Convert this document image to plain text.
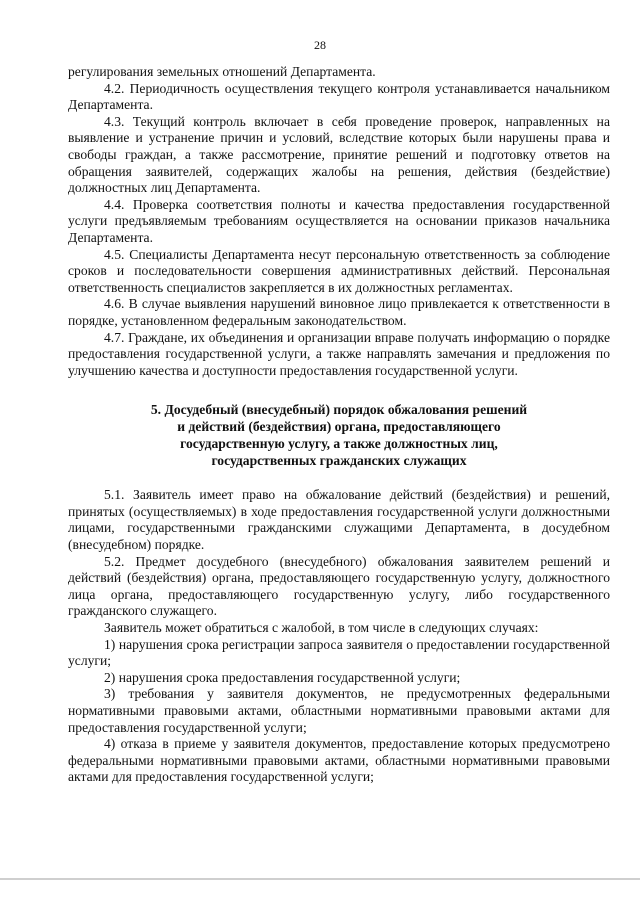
28

регулирования земельных отношений Департамента.

4.2. Периодичность осуществления текущего контроля устанавливается начальником Департамента.

4.3. Текущий контроль включает в себя проведение проверок, направленных на выявление и устранение причин и условий, вследствие которых были нарушены права и свободы граждан, а также рассмотрение, принятие решений и подготовку ответов на обращения заявителей, содержащих жалобы на решения, действия (бездействие) должностных лиц Департамента.

4.4. Проверка соответствия полноты и качества предоставления государственной услуги предъявляемым требованиям осуществляется на основании приказов начальника Департамента.

4.5. Специалисты Департамента несут персональную ответственность за соблюдение сроков и последовательности совершения административных действий. Персональная ответственность специалистов закрепляется в их должностных регламентах.

4.6. В случае выявления нарушений виновное лицо привлекается к ответственности в порядке, установленном федеральным законодательством.

4.7. Граждане, их объединения и организации вправе получать информацию о порядке предоставления государственной услуги, а также направлять замечания и предложения по улучшению качества и доступности предоставления государственной услуги.

5. Досудебный (внесудебный) порядок обжалования решений
и действий (бездействия) органа, предоставляющего
государственную услугу, а также должностных лиц,
государственных гражданских служащих

5.1. Заявитель имеет право на обжалование действий (бездействия) и решений, принятых (осуществляемых) в ходе предоставления государственной услуги должностными лицами, государственными гражданскими служащими Департамента, в досудебном (внесудебном) порядке.

5.2. Предмет досудебного (внесудебного) обжалования заявителем решений и действий (бездействия) органа, предоставляющего государственную услугу, должностного лица органа, предоставляющего государственную услугу, либо государственного гражданского служащего.

Заявитель может обратиться с жалобой, в том числе в следующих случаях:

1) нарушения срока регистрации запроса заявителя о предоставлении государственной услуги;

2) нарушения срока предоставления государственной услуги;

3) требования у заявителя документов, не предусмотренных федеральными нормативными правовыми актами, областными нормативными правовыми актами для предоставления государственной услуги;

4) отказа в приеме у заявителя документов, предоставление которых предусмотрено федеральными нормативными правовыми актами, областными нормативными правовыми актами для предоставления государственной услуги;
